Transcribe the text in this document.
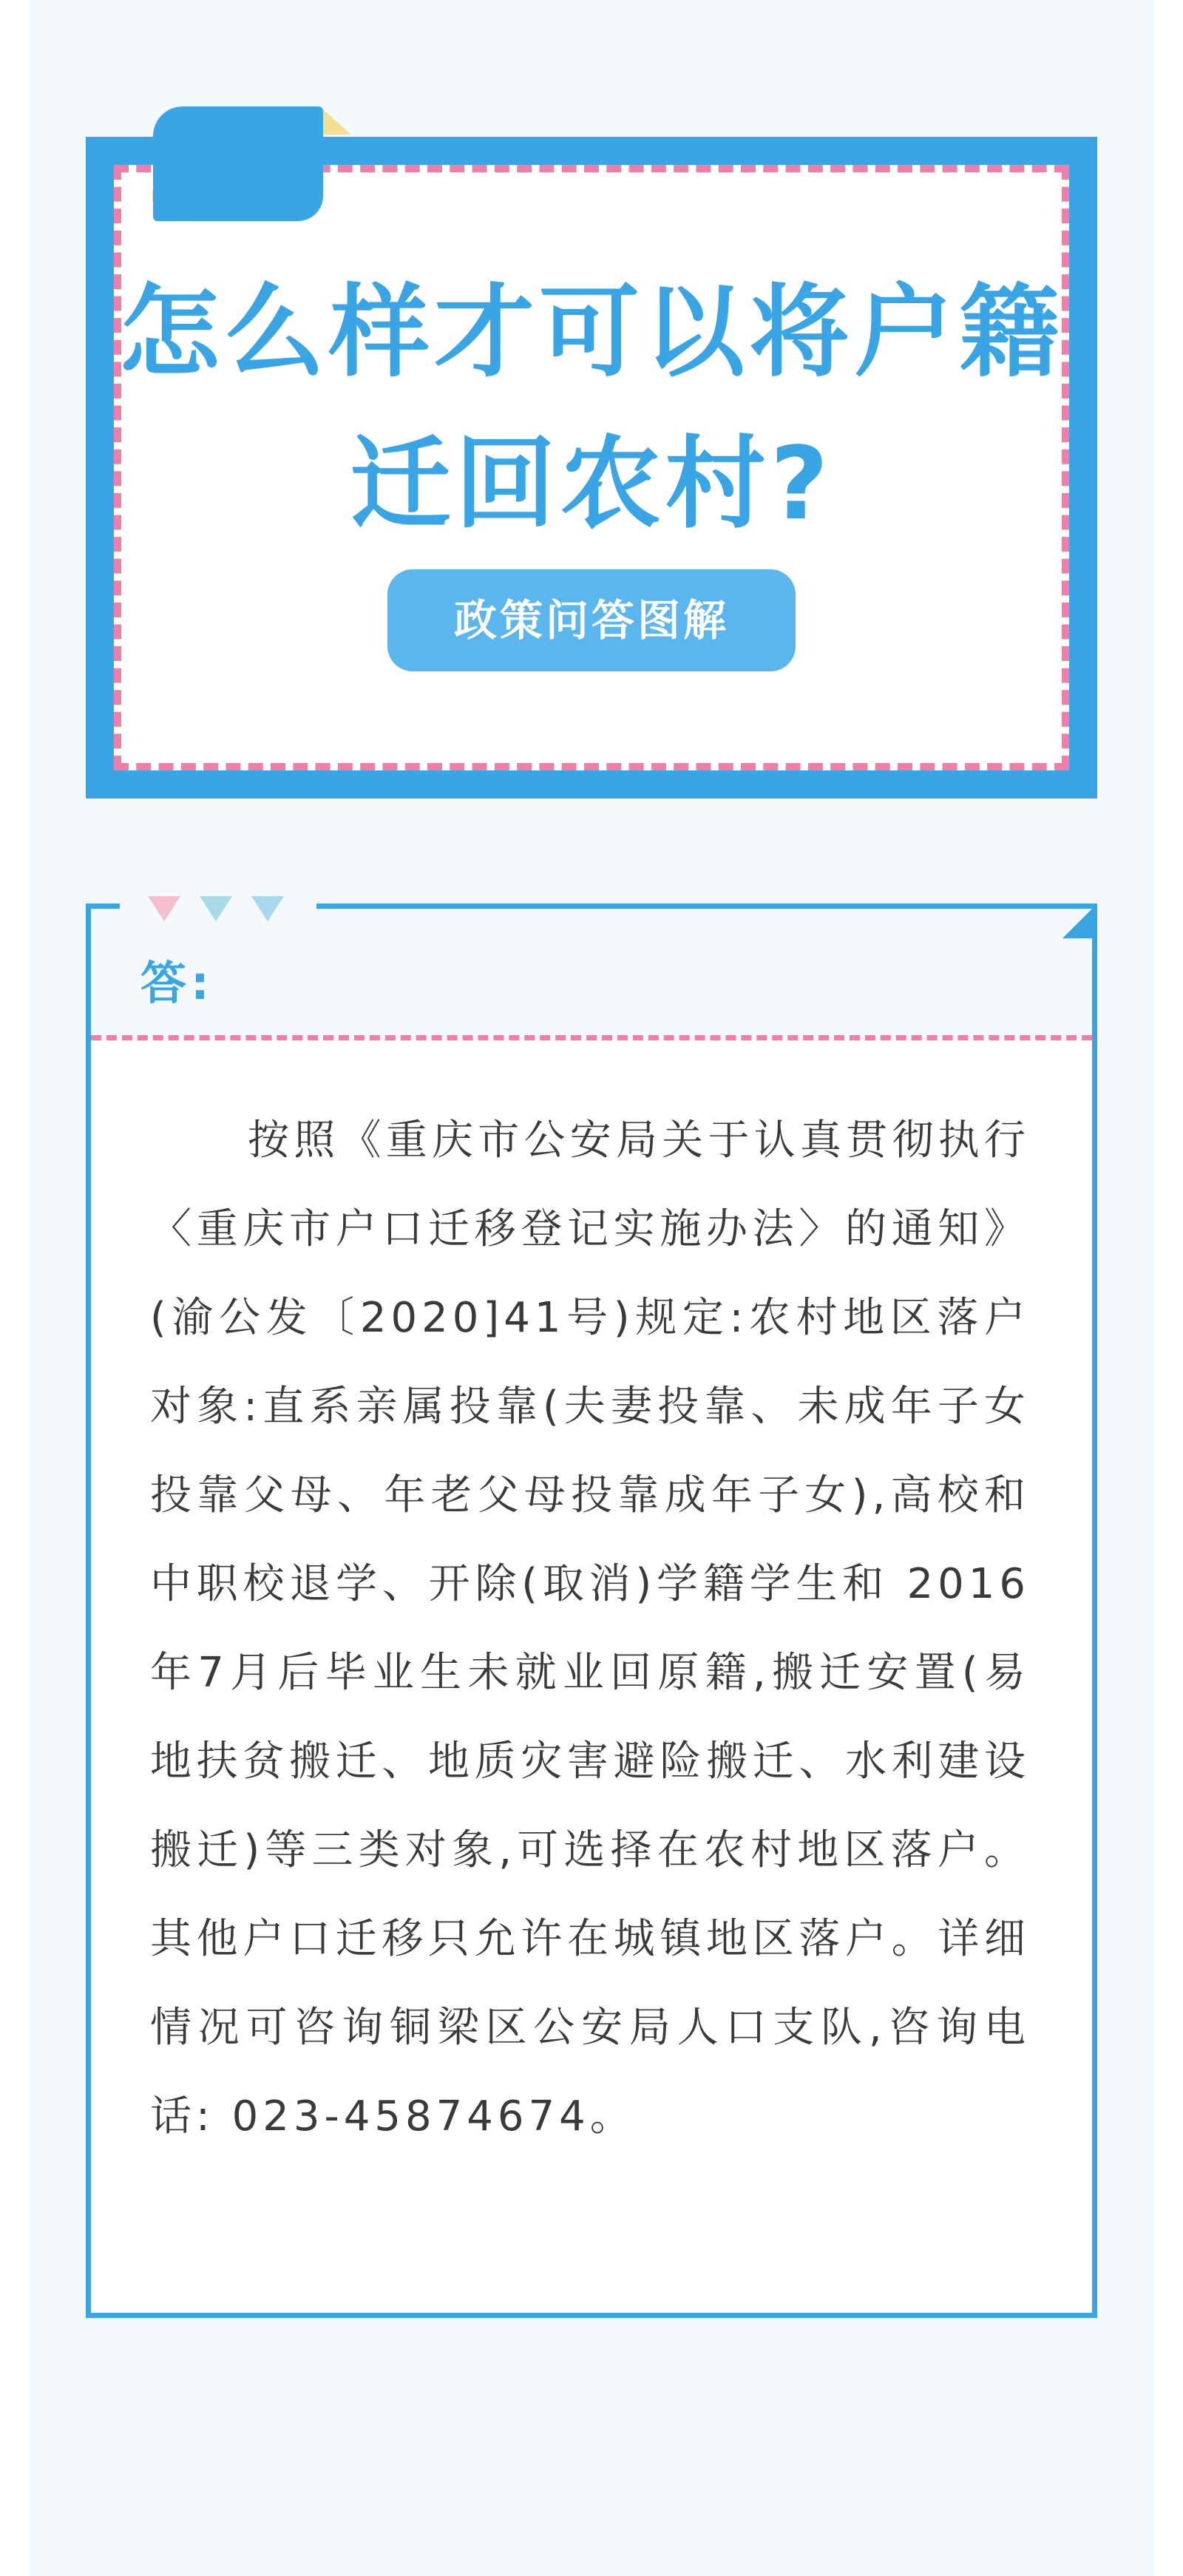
怎么样才可以将户籍
迁回农村?
政策问答图解
答:

按照《重庆市公安局关于认真贯彻执行〈重庆市户口迁移登记实施办法〉的通知》(渝公发〔2020]41号)规定:农村地区落户对象:直系亲属投靠(夫妻投靠、未成年子女投靠父母、年老父母投靠成年子女),高校和中职校退学、开除(取消)学籍学生和 2016年7月后毕业生未就业回原籍,搬迁安置(易地扶贫搬迁、地质灾害避险搬迁、水利建设搬迁)等三类对象,可选择在农村地区落户。其他户口迁移只允许在城镇地区落户。详细情况可咨询铜梁区公安局人口支队,咨询电话: 023-45874674。
